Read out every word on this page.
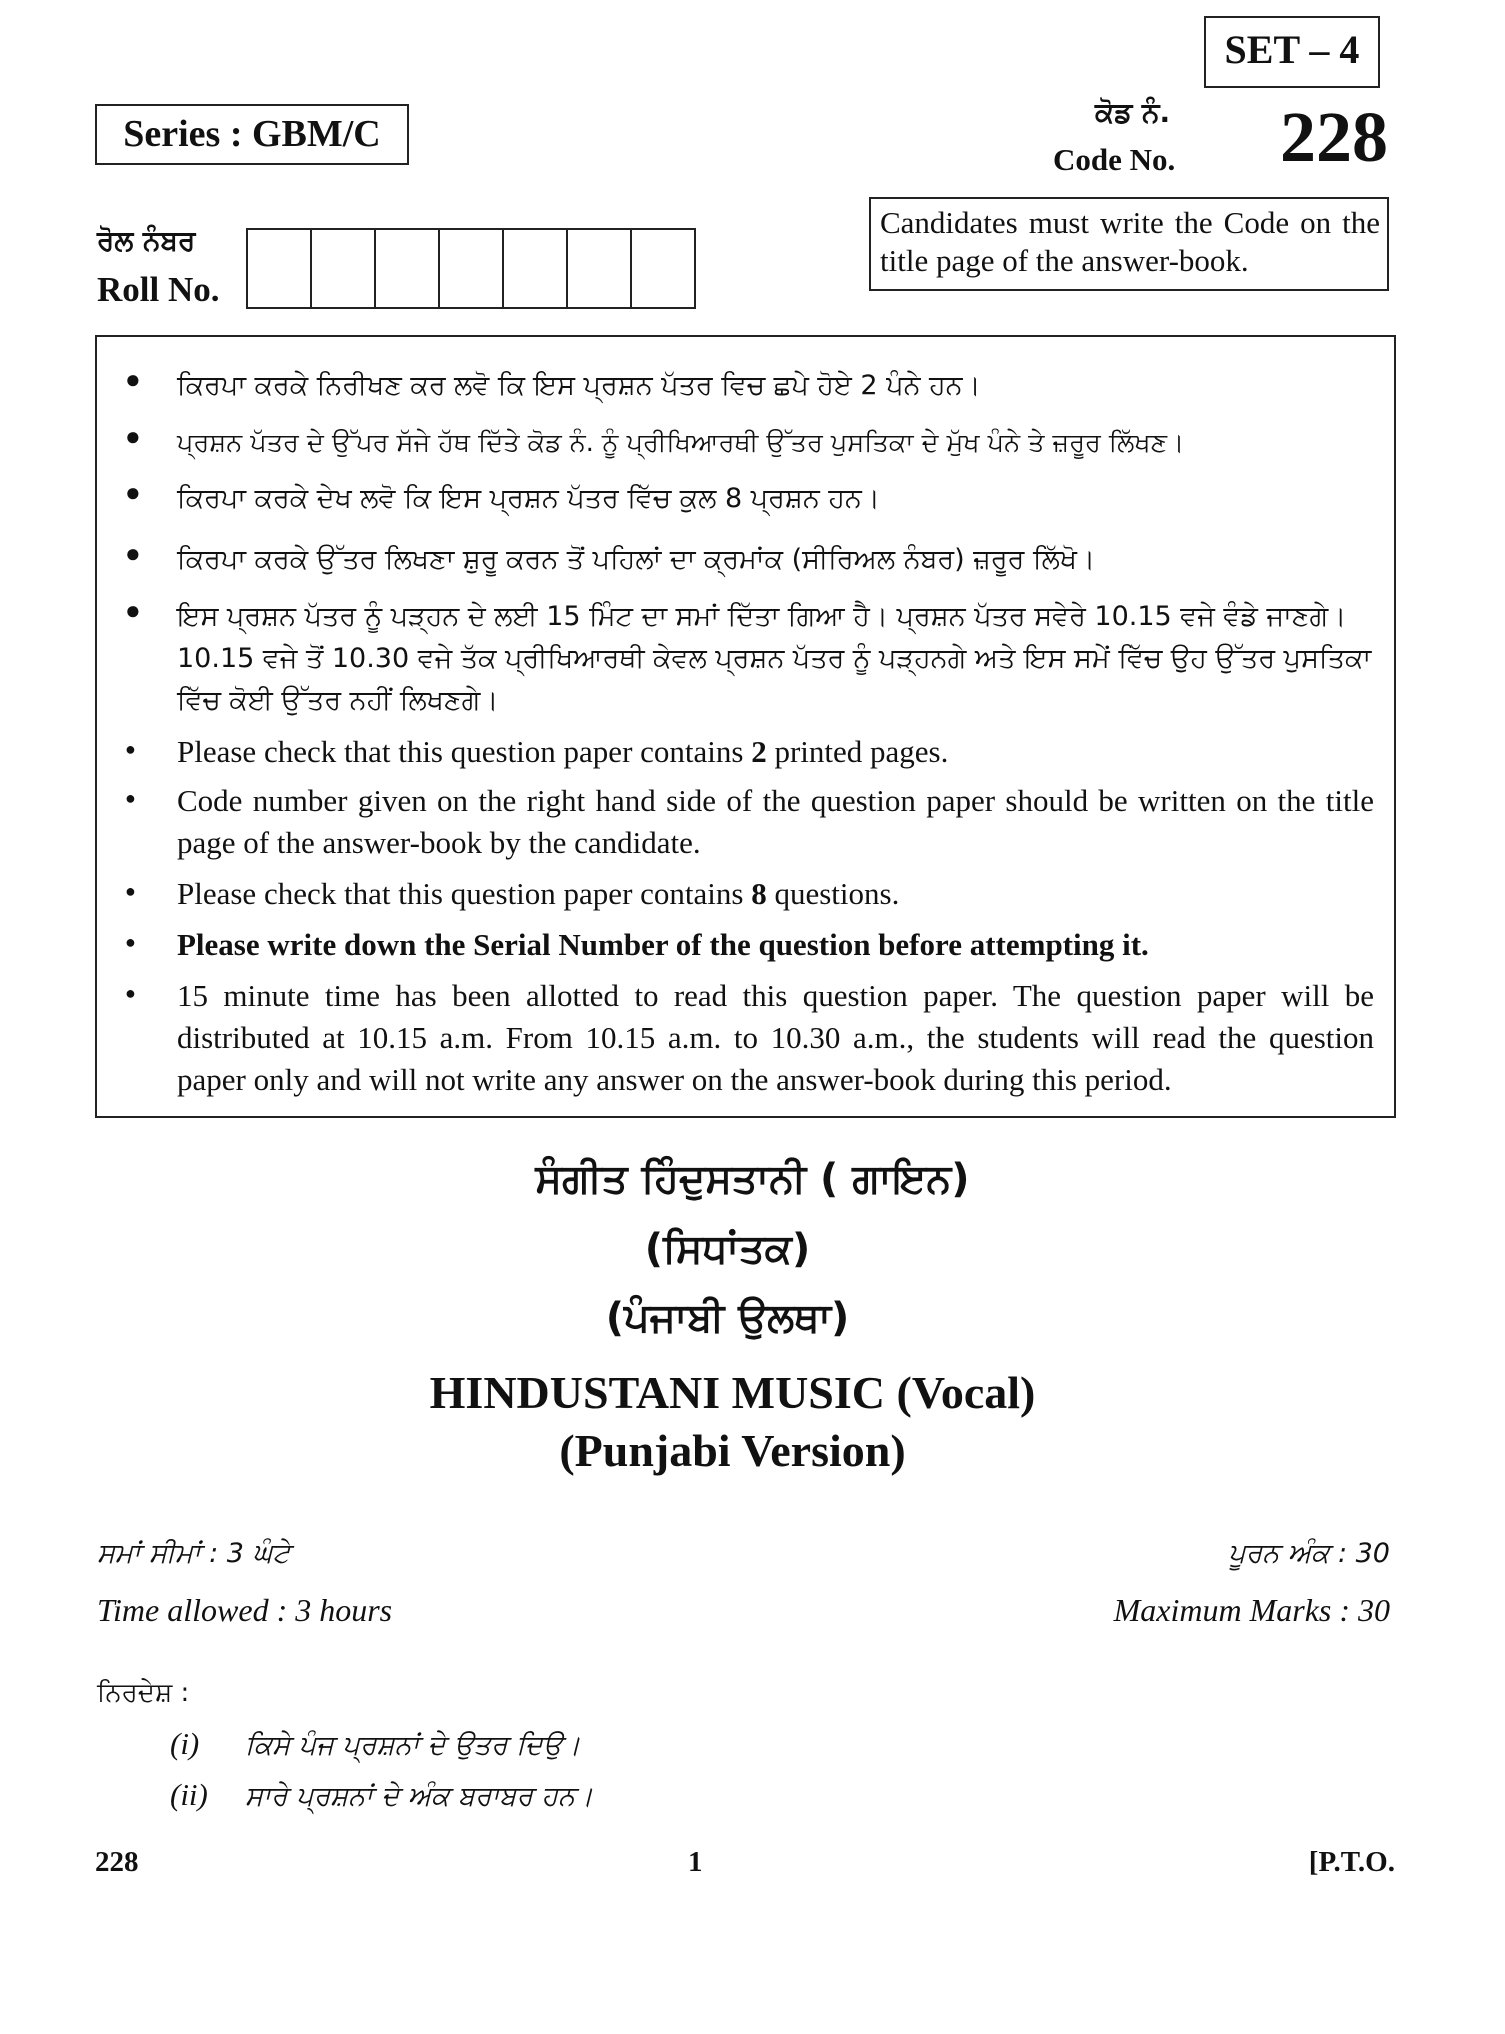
SET – 4
Series : GBM/C
ਕੋਡ ਨੰ.
Code No. 228
Candidates must write the Code on the title page of the answer-book.
ਰੋਲ ਨੰਬਰ
Roll No.
● ਕਿਰਪਾ ਕਰਕੇ ਨਿਰੀਖਣ ਕਰ ਲਵੋ ਕਿ ਇਸ ਪ੍ਰਸ਼ਨ ਪੱਤਰ ਵਿਚ ਛਪੇ ਹੋਏ 2 ਪੰਨੇ ਹਨ।
● ਪ੍ਰਸ਼ਨ ਪੱਤਰ ਦੇ ਉੱਪਰ ਸੱਜੇ ਹੱਥ ਦਿੱਤੇ ਕੋਡ ਨੰ. ਨੂੰ ਪ੍ਰੀਖਿਆਰਥੀ ਉੱਤਰ ਪੁਸਤਿਕਾ ਦੇ ਮੁੱਖ ਪੰਨੇ ਤੇ ਜ਼ਰੂਰ ਲਿੱਖਣ।
● ਕਿਰਪਾ ਕਰਕੇ ਦੇਖ ਲਵੋ ਕਿ ਇਸ ਪ੍ਰਸ਼ਨ ਪੱਤਰ ਵਿੱਚ ਕੁਲ 8 ਪ੍ਰਸ਼ਨ ਹਨ।
● ਕਿਰਪਾ ਕਰਕੇ ਉੱਤਰ ਲਿਖਣਾ ਸ਼ੁਰੂ ਕਰਨ ਤੋਂ ਪਹਿਲਾਂ ਦਾ ਕ੍ਰਮਾਂਕ (ਸੀਰਿਅਲ ਨੰਬਰ) ਜ਼ਰੂਰ ਲਿੱਖੋ।
● ਇਸ ਪ੍ਰਸ਼ਨ ਪੱਤਰ ਨੂੰ ਪੜ੍ਹਨ ਦੇ ਲਈ 15 ਮਿੰਟ ਦਾ ਸਮਾਂ ਦਿੱਤਾ ਗਿਆ ਹੈ। ਪ੍ਰਸ਼ਨ ਪੱਤਰ ਸਵੇਰੇ 10.15 ਵਜੇ ਵੰਡੇ ਜਾਣਗੇ। 10.15 ਵਜੇ ਤੋਂ 10.30 ਵਜੇ ਤੱਕ ਪ੍ਰੀਖਿਆਰਥੀ ਕੇਵਲ ਪ੍ਰਸ਼ਨ ਪੱਤਰ ਨੂੰ ਪੜ੍ਹਨਗੇ ਅਤੇ ਇਸ ਸਮੇਂ ਵਿੱਚ ਉਹ ਉੱਤਰ ਪੁਸਤਿਕਾ ਵਿੱਚ ਕੋਈ ਉੱਤਰ ਨਹੀਂ ਲਿਖਣਗੇ।
● Please check that this question paper contains 2 printed pages.
● Code number given on the right hand side of the question paper should be written on the title page of the answer-book by the candidate.
● Please check that this question paper contains 8 questions.
● Please write down the Serial Number of the question before attempting it.
● 15 minute time has been allotted to read this question paper. The question paper will be distributed at 10.15 a.m. From 10.15 a.m. to 10.30 a.m., the students will read the question paper only and will not write any answer on the answer-book during this period.
ਸੰਗੀਤ ਹਿੰਦੁਸਤਾਨੀ ( ਗਾਇਨ)
(ਸਿਧਾਂਤਕ)
(ਪੰਜਾਬੀ ਉਲਥਾ)
HINDUSTANI MUSIC (Vocal)
(Punjabi Version)
ਸਮਾਂ ਸੀਮਾਂ : 3 ਘੰਟੇ	ਪੂਰਨ ਅੰਕ : 30
Time allowed : 3 hours	Maximum Marks : 30
ਨਿਰਦੇਸ਼ :
(i) ਕਿਸੇ ਪੰਜ ਪ੍ਰਸ਼ਨਾਂ ਦੇ ਉਤਰ ਦਿਉ।
(ii) ਸਾਰੇ ਪ੍ਰਸ਼ਨਾਂ ਦੇ ਅੰਕ ਬਰਾਬਰ ਹਨ।
228	1	[P.T.O.
